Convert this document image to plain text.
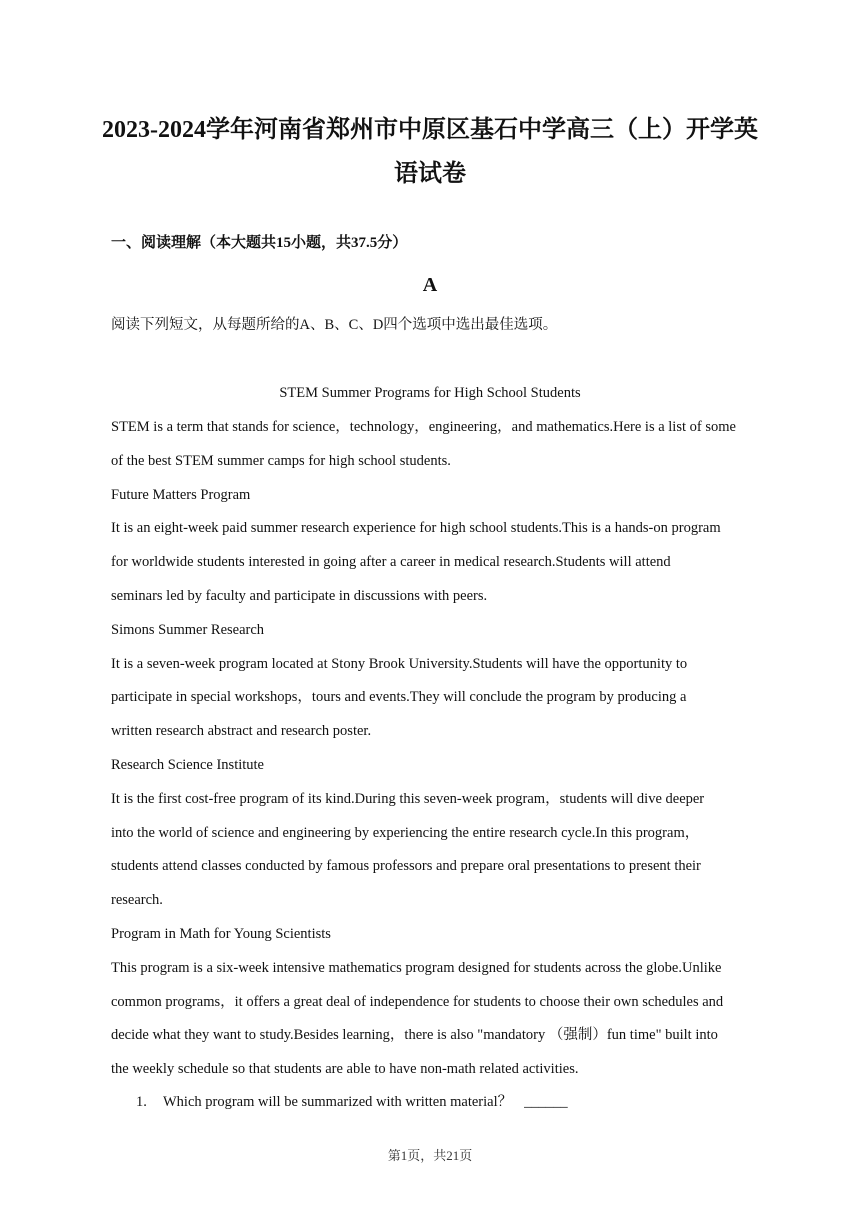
2023-2024学年河南省郑州市中原区基石中学高三（上）开学英
语试卷
一、阅读理解（本大题共15小题，共37.5分）
A
阅读下列短文，从每题所给的A、B、C、D四个选项中选出最佳选项。
STEM Summer Programs for High School Students
STEM is a term that stands for science，technology，engineering，and mathematics.Here is a list of some
of the best STEM summer camps for high school students.
Future Matters Program
It is an eight-week paid summer research experience for high school students.This is a hands-on program
for worldwide students interested in going after a career in medical research.Students will attend
seminars led by faculty and participate in discussions with peers.
Simons Summer Research
It is a seven-week program located at Stony Brook University.Students will have the opportunity to
participate in special workshops，tours and events.They will conclude the program by producing a
written research abstract and research poster.
Research Science Institute
It is the first cost-free program of its kind.During this seven-week program，students will dive deeper
into the world of science and engineering by experiencing the entire research cycle.In this program，
students attend classes conducted by famous professors and prepare oral presentations to present their
research.
Program in Math for Young Scientists
This program is a six-week intensive mathematics program designed for students across the globe.Unlike
common programs，it offers a great deal of independence for students to choose their own schedules and
decide what they want to study.Besides learning，there is also "mandatory （强制）fun time" built into
the weekly schedule so that students are able to have non-math related activities.
1. Which program will be summarized with written material？ ______
第1页，共21页
